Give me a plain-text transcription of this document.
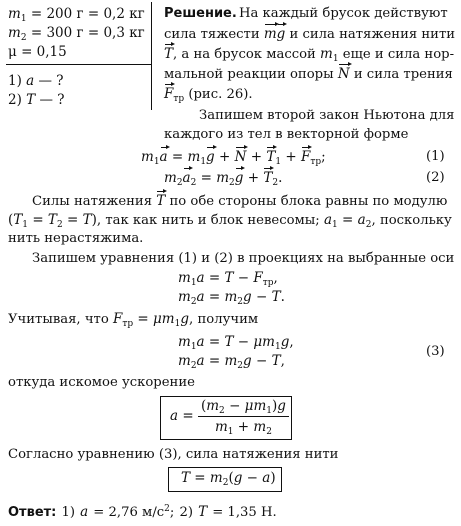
$m_1 = 200$ г = 0,2 кг
$m_2 = 300$ г = 0,3 кг
μ = 0,15
1) a — ?
2) T — ?
Решение. На каждый брусок действуют
сила тяжести mg и сила натяжения нити
T, а на брусок массой $m_1$ еще и сила нор-
мальной реакции опоры N и сила трения
$F_{тр}$ (рис. 26).
Запишем второй закон Ньютона для
каждого из тел в векторной форме
$m_1a = m_1g + N + T_1 + F_{тр}$;	(1)
$m_2a_2 = m_2g + T_2$.	(2)
Силы натяжения T по обе стороны блока равны по модулю
$(T_1 = T_2 = T)$, так как нить и блок невесомы; $a_1 = a_2$, поскольку
нить нерастяжима.
Запишем уравнения (1) и (2) в проекциях на выбранные оси
$m_1a = T - F_{тр}$,
$m_2a = m_2g - T$.
Учитывая, что $F_{тр} = \mu m_1g$, получим
$m_1a = T - \mu m_1g$,
$m_2a = m_2g - T$,
(3)
откуда искомое ускорение
$a = \frac{(m_2 - \mu m_1)g}{m_1 + m_2}$
Согласно уравнению (3), сила натяжения нити
$T = m_2(g - a)$
Ответ: 1) a = 2,76 $м/с^2$; 2) T = 1,35 Н.
